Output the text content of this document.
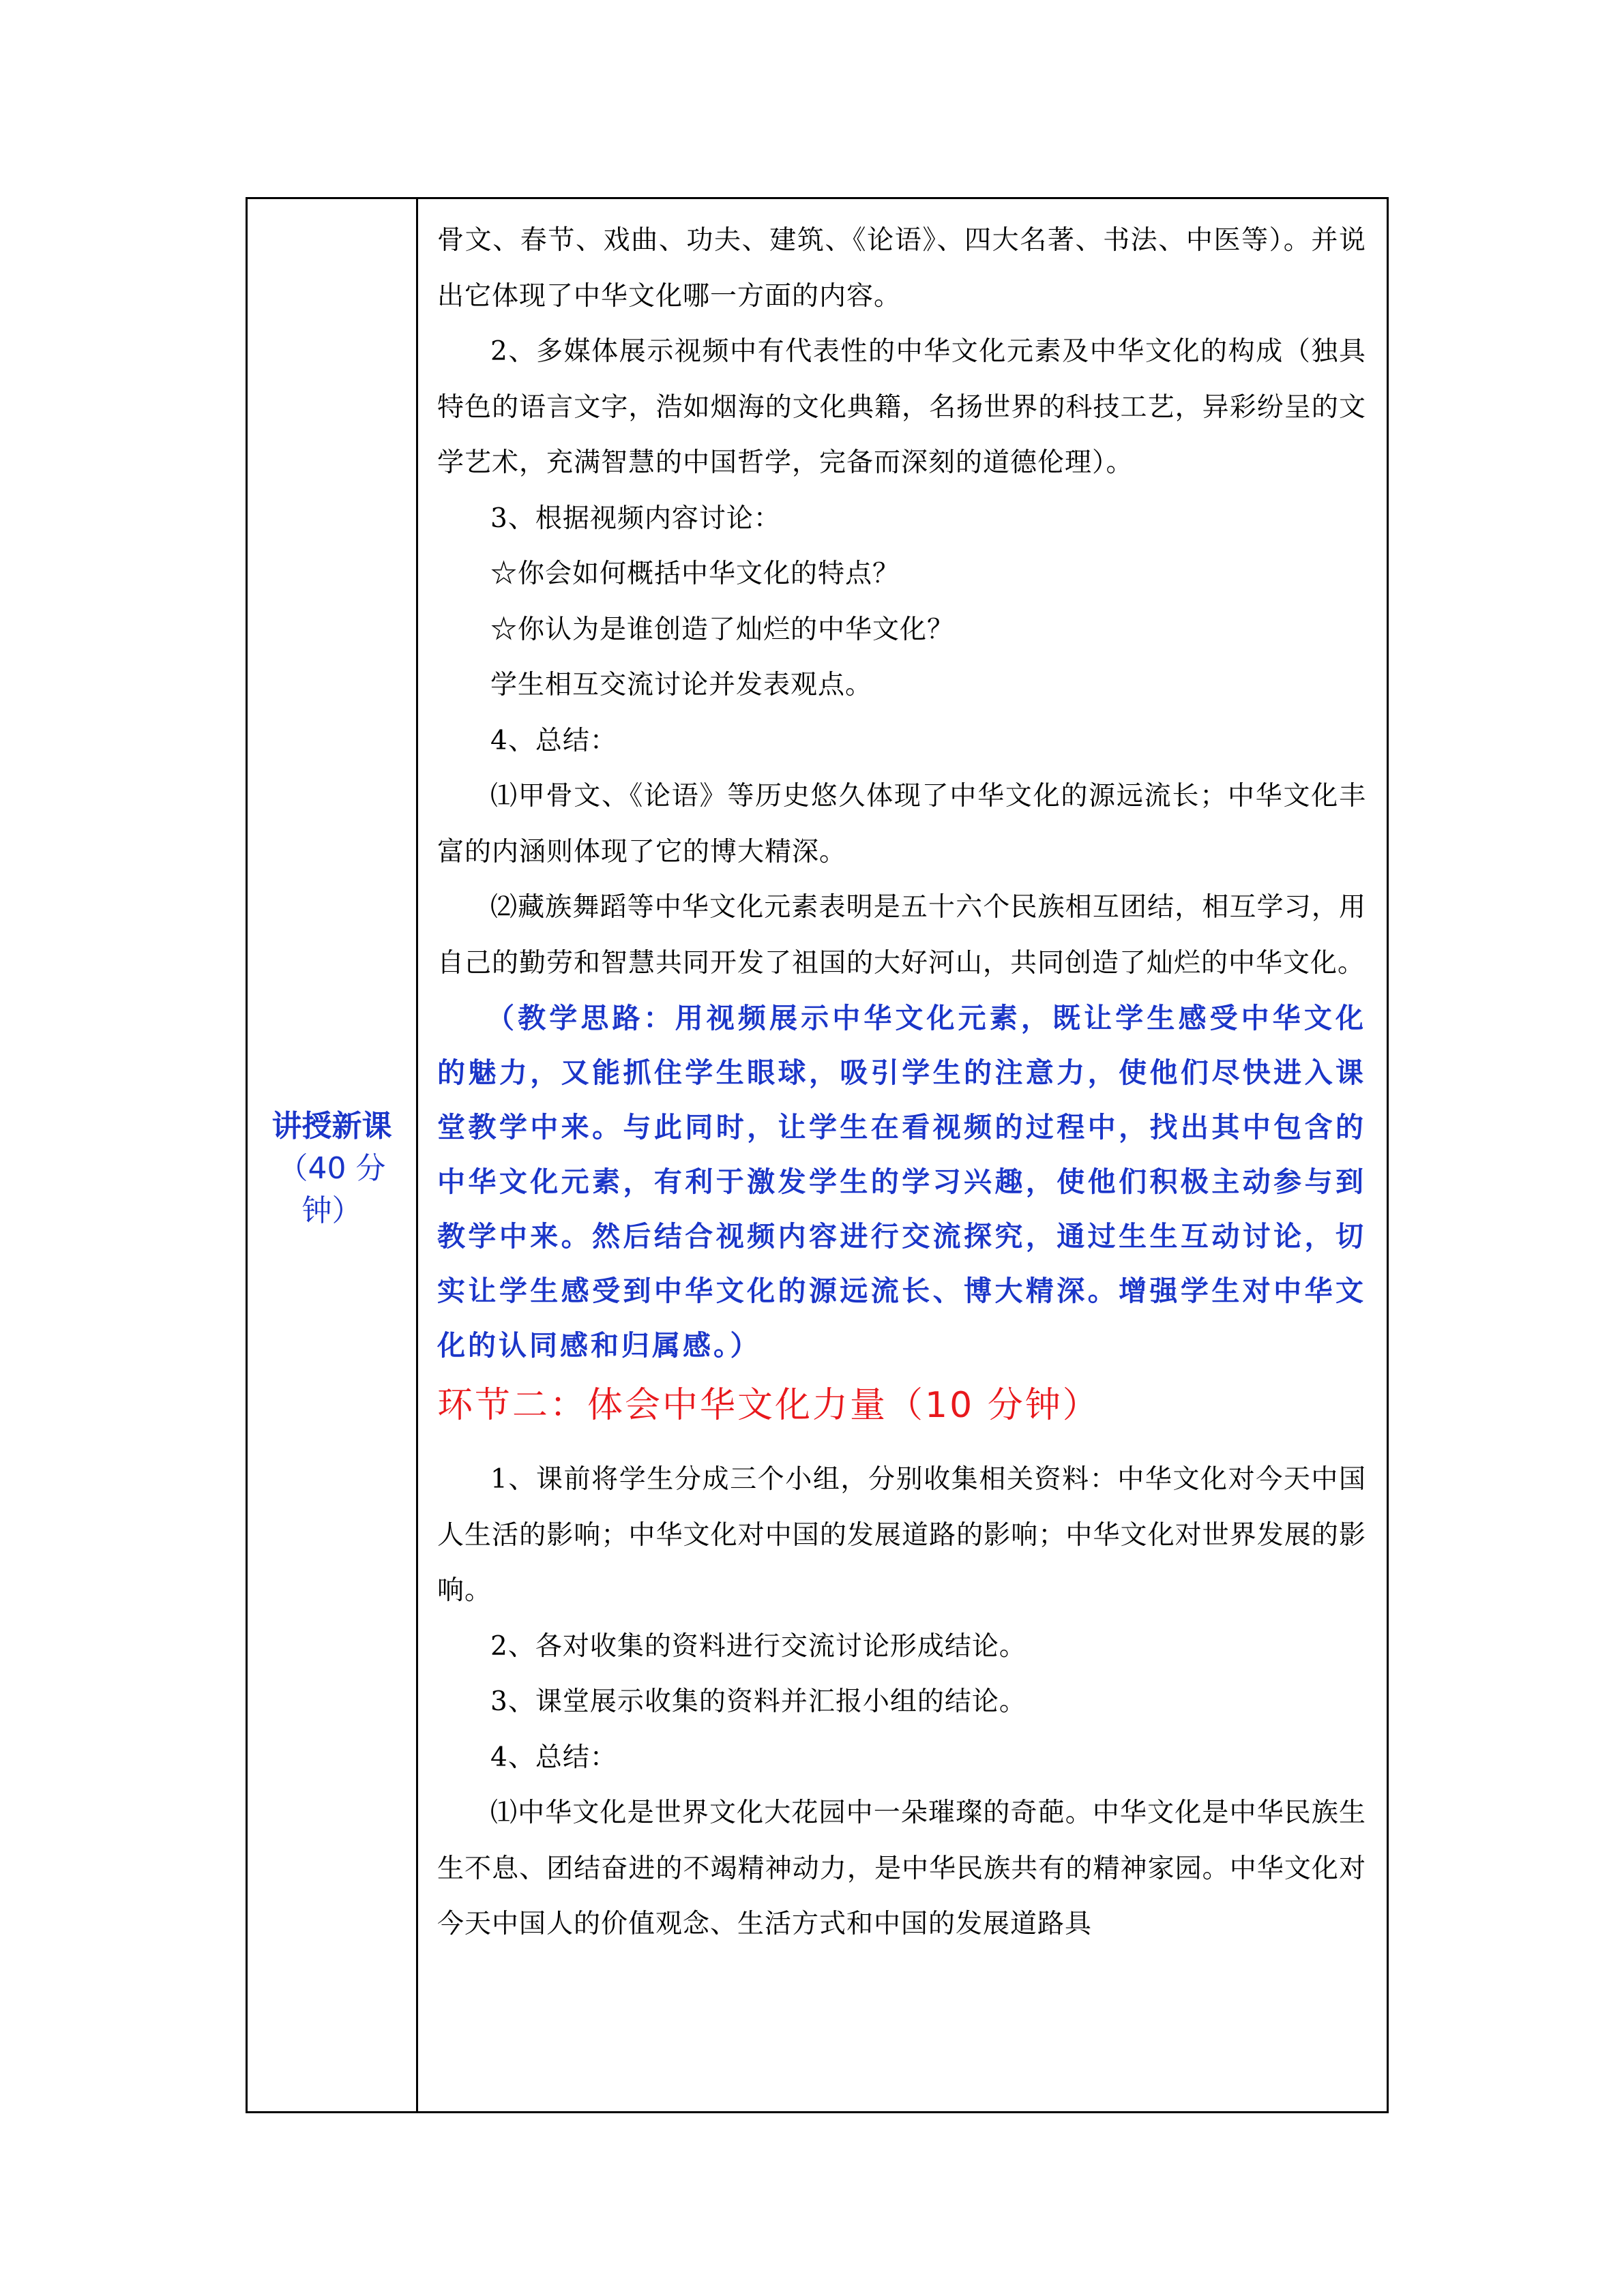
讲授新课

（40 分
钟）

骨文、春节、戏曲、功夫、建筑、《论语》、四大名著、书法、中医等）。并说出它体现了中华文化哪一方面的内容。

2、多媒体展示视频中有代表性的中华文化元素及中华文化的构成（独具特色的语言文字，浩如烟海的文化典籍，名扬世界的科技工艺，异彩纷呈的文学艺术，充满智慧的中国哲学，完备而深刻的道德伦理）。

3、根据视频内容讨论：

☆你会如何概括中华文化的特点？

☆你认为是谁创造了灿烂的中华文化？

学生相互交流讨论并发表观点。

4、总结：

⑴甲骨文、《论语》等历史悠久体现了中华文化的源远流长；中华文化丰富的内涵则体现了它的博大精深。

⑵藏族舞蹈等中华文化元素表明是五十六个民族相互团结，相互学习，用自己的勤劳和智慧共同开发了祖国的大好河山，共同创造了灿烂的中华文化。

（教学思路：用视频展示中华文化元素，既让学生感受中华文化的魅力，又能抓住学生眼球，吸引学生的注意力，使他们尽快进入课堂教学中来。与此同时，让学生在看视频的过程中，找出其中包含的中华文化元素，有利于激发学生的学习兴趣，使他们积极主动参与到教学中来。然后结合视频内容进行交流探究，通过生生互动讨论，切实让学生感受到中华文化的源远流长、博大精深。增强学生对中华文化的认同感和归属感。）

环节二：体会中华文化力量（10 分钟）

1、课前将学生分成三个小组，分别收集相关资料：中华文化对今天中国人生活的影响；中华文化对中国的发展道路的影响；中华文化对世界发展的影响。

2、各对收集的资料进行交流讨论形成结论。

3、课堂展示收集的资料并汇报小组的结论。

4、总结：

⑴中华文化是世界文化大花园中一朵璀璨的奇葩。中华文化是中华民族生生不息、团结奋进的不竭精神动力，是中华民族共有的精神家园。中华文化对今天中国人的价值观念、生活方式和中国的发展道路具
